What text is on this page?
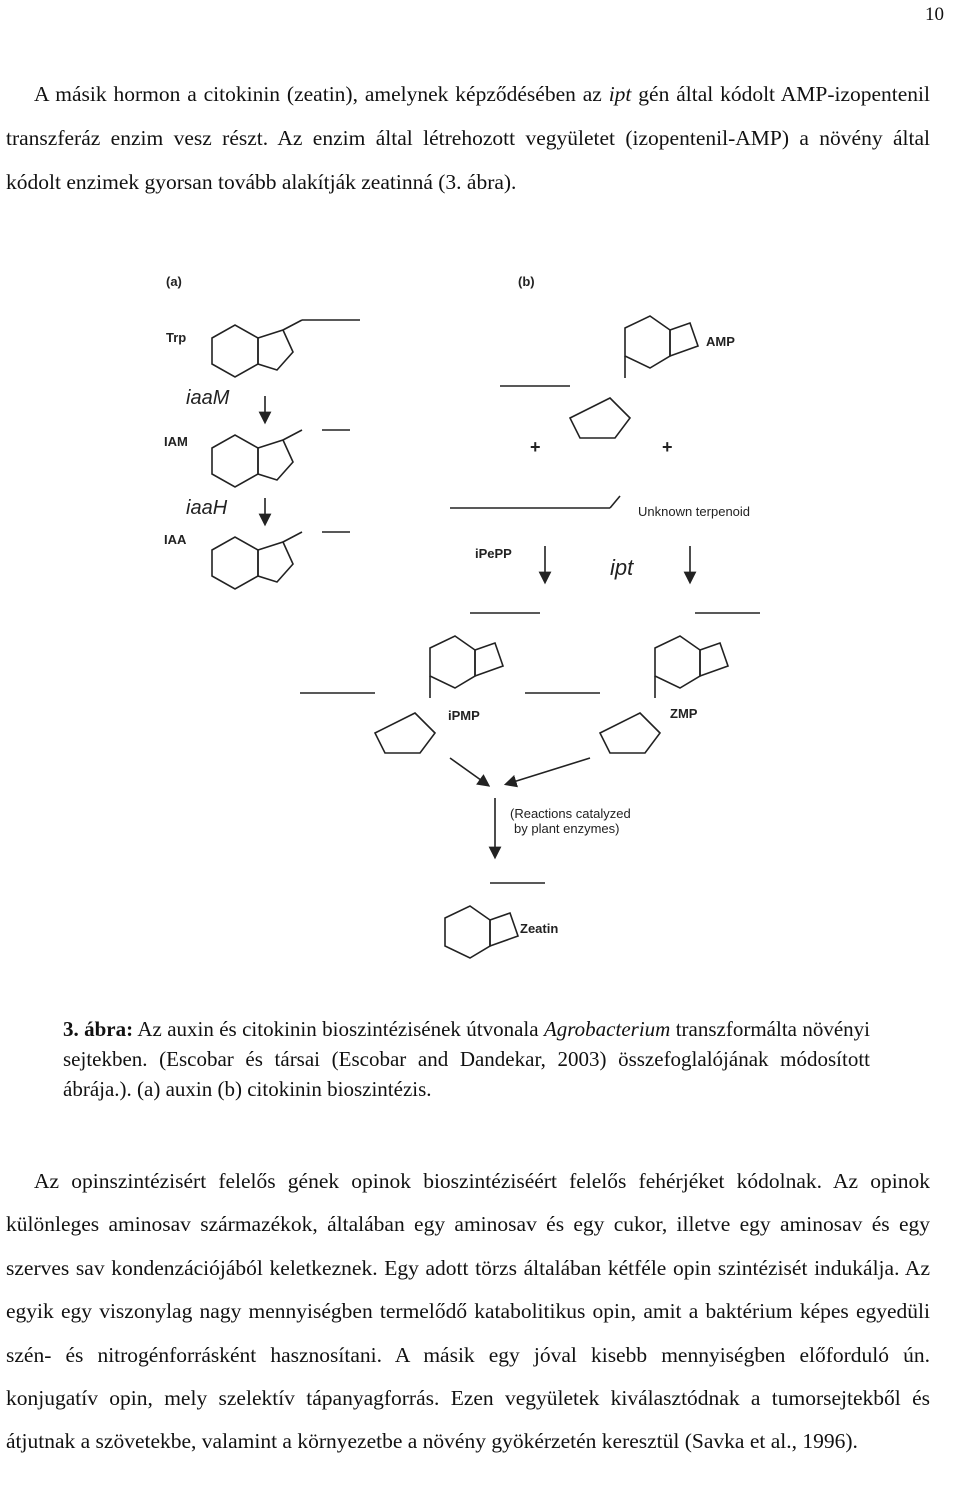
10

A másik hormon a citokinin (zeatin), amelynek képződésében az ipt gén által kódolt AMP-izopentenil transzferáz enzim vesz részt. Az enzim által létrehozott vegyületet (izopentenil-AMP) a növény által kódolt enzimek gyorsan tovább alakítják zeatinná (3. ábra).

(a)	(b)
Trp
IAM
IAA
iaaM
iaaH
AMP
iPePP
Unknown terpenoid
ipt
iPMP	ZMP
(Reactions catalyzed
by plant enzymes)
Zeatin
+	+

3. ábra: Az auxin és citokinin bioszintézisének útvonala Agrobacterium transzformálta növényi sejtekben. (Escobar és társai (Escobar and Dandekar, 2003) összefoglalójának módosított ábrája.). (a) auxin (b) citokinin bioszintézis.

Az opinszintézisért felelős gének opinok bioszintéziséért felelős fehérjéket kódolnak. Az opinok különleges aminosav származékok, általában egy aminosav és egy cukor, illetve egy aminosav és egy szerves sav kondenzációjából keletkeznek. Egy adott törzs általában kétféle opin szintézisét indukálja. Az egyik egy viszonylag nagy mennyiségben termelődő katabolitikus opin, amit a baktérium képes egyedüli szén- és nitrogénforrásként hasznosítani. A másik egy jóval kisebb mennyiségben előforduló ún. konjugatív opin, mely szelektív tápanyagforrás. Ezen vegyületek kiválasztódnak a tumorsejtekből és átjutnak a szövetekbe, valamint a környezetbe a növény gyökérzetén keresztül (Savka et al., 1996).
